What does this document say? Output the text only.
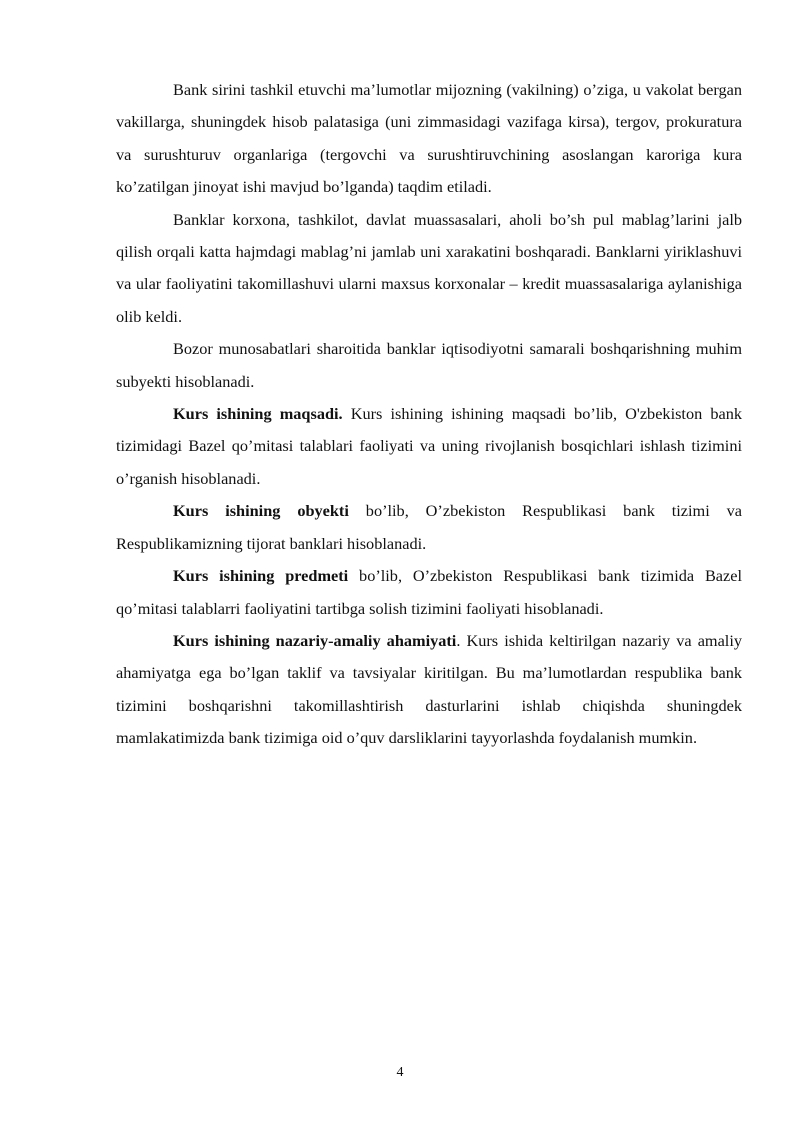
Bank sirini tashkil etuvchi ma’lumotlar mijozning (vakilning) o’ziga, u vakolat bergan vakillarga, shuningdek hisob palatasiga (uni zimmasidagi vazifaga kirsa), tergov, prokuratura va surushturuv organlariga (tergovchi va surushtiruvchining asoslangan karoriga kura ko’zatilgan jinoyat ishi mavjud bo’lganda) taqdim etiladi.

Banklar korxona, tashkilot, davlat muassasalari, aholi bo’sh pul mablag’larini jalb qilish orqali katta hajmdagi mablag’ni jamlab uni xarakatini boshqaradi. Banklarni yiriklashuvi va ular faoliyatini takomillashuvi ularni maxsus korxonalar – kredit muassasalariga aylanishiga olib keldi.

Bozor munosabatlari sharoitida banklar iqtisodiyotni samarali boshqarishning muhim subyekti hisoblanadi.

Kurs ishining maqsadi. Kurs ishining ishining maqsadi bo’lib, O'zbekiston bank tizimidagi Bazel qo’mitasi talablari faoliyati va uning rivojlanish bosqichlari ishlash tizimini o’rganish hisoblanadi.

Kurs ishining obyekti bo’lib, O’zbekiston Respublikasi bank tizimi va Respublikamizning tijorat banklari hisoblanadi.

Kurs ishining predmeti bo’lib, O’zbekiston Respublikasi bank tizimida Bazel qo’mitasi talablarri faoliyatini tartibga solish tizimini faoliyati hisoblanadi.

Kurs ishining nazariy-amaliy ahamiyati. Kurs ishida keltirilgan nazariy va amaliy ahamiyatga ega bo’lgan taklif va tavsiyalar kiritilgan. Bu ma’lumotlardan respublika bank tizimini boshqarishni takomillashtirish dasturlarini ishlab chiqishda shuningdek mamlakatimizda bank tizimiga oid o’quv darsliklarini tayyorlashda foydalanish mumkin.

4
